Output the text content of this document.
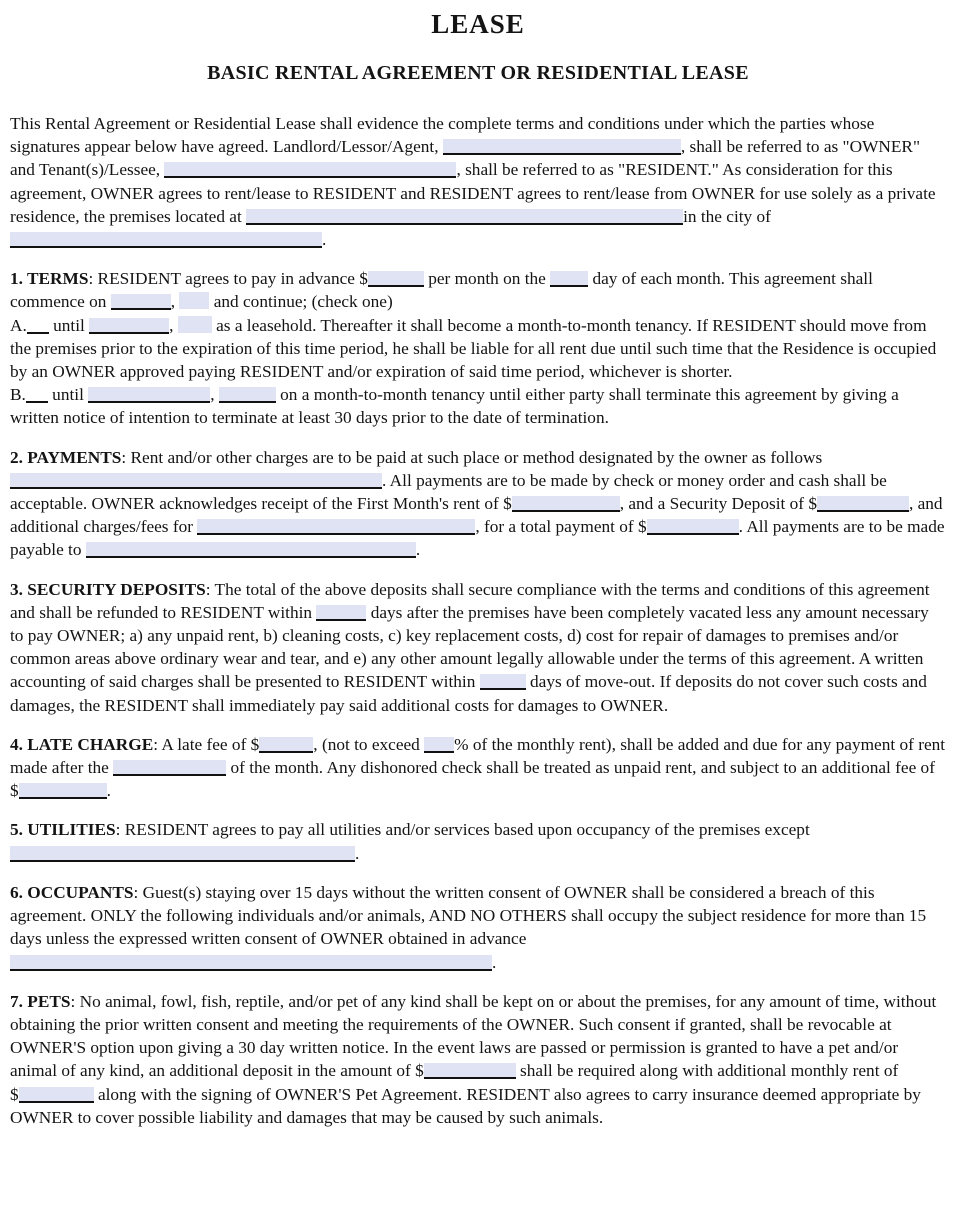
LEASE
BASIC RENTAL AGREEMENT OR RESIDENTIAL LEASE

This Rental Agreement or Residential Lease shall evidence the complete terms and conditions under which the parties whose signatures appear below have agreed. Landlord/Lessor/Agent,	, shall be referred to as "OWNER" and Tenant(s)/Lessee,	, shall be referred to as "RESIDENT." As consideration for this agreement, OWNER agrees to rent/lease to RESIDENT and RESIDENT agrees to rent/lease from OWNER for use solely as a private residence, the premises located at	in the city of .

1. TERMS: RESIDENT agrees to pay in advance $	per month on the  day of each month. This agreement shall commence on	,  and continue; (check one)
A. until	,  as a leasehold. Thereafter it shall become a month-to-month tenancy. If RESIDENT should move from the premises prior to the expiration of this time period, he shall be liable for all rent due until such time that the Residence is occupied by an OWNER approved paying RESIDENT and/or expiration of said time period, whichever is shorter.
B. until	,	on a month-to-month tenancy until either party shall terminate this agreement by giving a written notice of intention to terminate at least 30 days prior to the date of termination.

2. PAYMENTS: Rent and/or other charges are to be paid at such place or method designated by the owner as follows . All payments are to be made by check or money order and cash shall be acceptable. OWNER acknowledges receipt of the First Month's rent of $	, and a Security Deposit of $	, and additional charges/fees for	, for a total payment of $	. All payments are to be made payable to	.

3. SECURITY DEPOSITS: The total of the above deposits shall secure compliance with the terms and conditions of this agreement and shall be refunded to RESIDENT within	days after the premises have been completely vacated less any amount necessary to pay OWNER; a) any unpaid rent, b) cleaning costs, c) key replacement costs, d) cost for repair of damages to premises and/or common areas above ordinary wear and tear, and e) any other amount legally allowable under the terms of this agreement. A written accounting of said charges shall be presented to RESIDENT within	days of move-out. If deposits do not cover such costs and damages, the RESIDENT shall immediately pay said additional costs for damages to OWNER.

4. LATE CHARGE: A late fee of $	, (not to exceed % of the monthly rent), shall be added and due for any payment of rent made after the	of the month. Any dishonored check shall be treated as unpaid rent, and subject to an additional fee of $	.

5. UTILITIES: RESIDENT agrees to pay all utilities and/or services based upon occupancy of the premises except .

6. OCCUPANTS: Guest(s) staying over 15 days without the written consent of OWNER shall be considered a breach of this agreement. ONLY the following individuals and/or animals, AND NO OTHERS shall occupy the subject residence for more than 15 days unless the expressed written consent of OWNER obtained in advance .

7. PETS: No animal, fowl, fish, reptile, and/or pet of any kind shall be kept on or about the premises, for any amount of time, without obtaining the prior written consent and meeting the requirements of the OWNER. Such consent if granted, shall be revocable at OWNER'S option upon giving a 30 day written notice. In the event laws are passed or permission is granted to have a pet and/or animal of any kind, an additional deposit in the amount of $	shall be required along with additional monthly rent of $	along with the signing of OWNER'S Pet Agreement. RESIDENT also agrees to carry insurance deemed appropriate by OWNER to cover possible liability and damages that may be caused by such animals.
